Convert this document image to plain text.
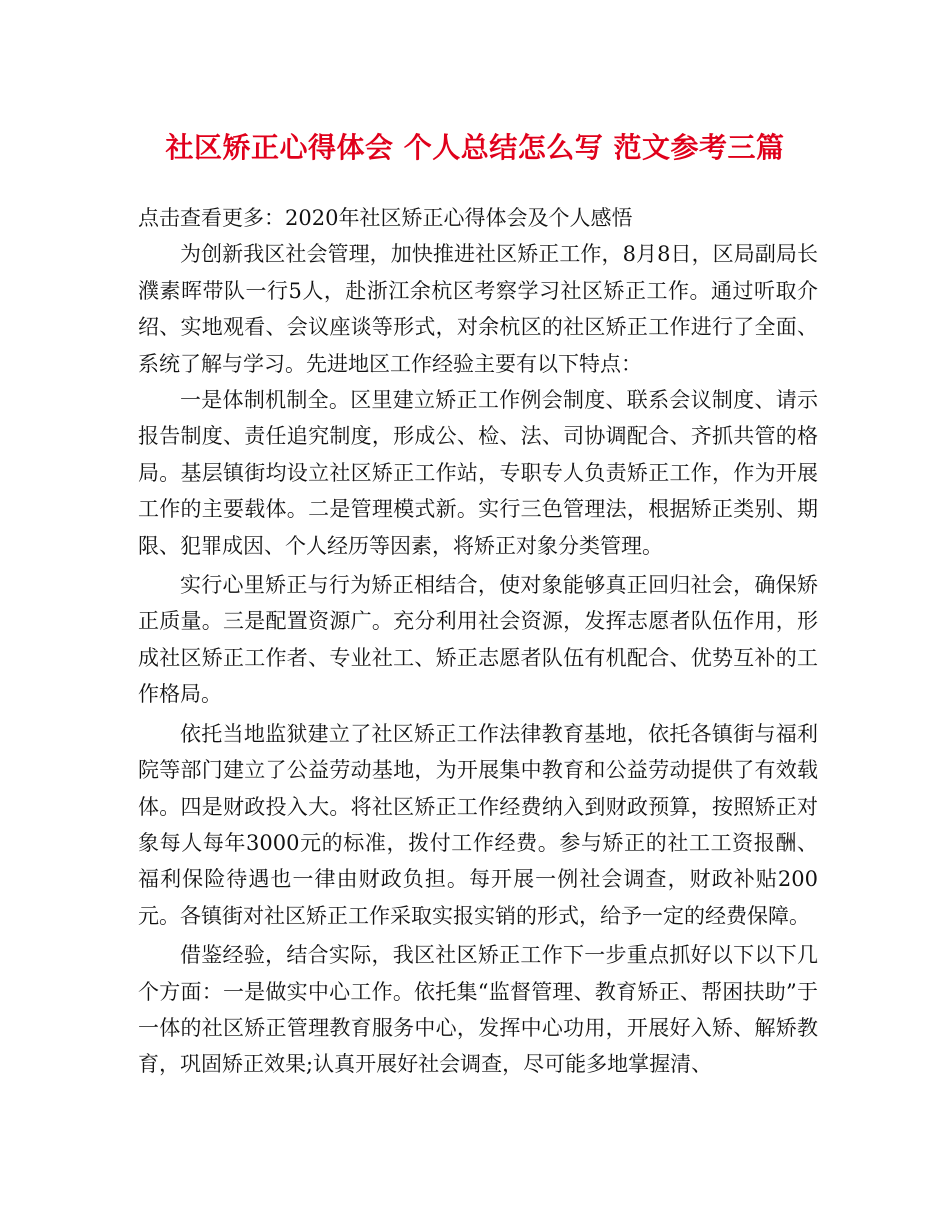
社区矫正心得体会 个人总结怎么写 范文参考三篇

点击查看更多：2020年社区矫正心得体会及个人感悟

为创新我区社会管理，加快推进社区矫正工作，8月8日，区局副局长濮素晖带队一行5人，赴浙江余杭区考察学习社区矫正工作。通过听取介绍、实地观看、会议座谈等形式，对余杭区的社区矫正工作进行了全面、系统了解与学习。先进地区工作经验主要有以下特点：

一是体制机制全。区里建立矫正工作例会制度、联系会议制度、请示报告制度、责任追究制度，形成公、检、法、司协调配合、齐抓共管的格局。基层镇街均设立社区矫正工作站，专职专人负责矫正工作，作为开展工作的主要载体。二是管理模式新。实行三色管理法，根据矫正类别、期限、犯罪成因、个人经历等因素，将矫正对象分类管理。

实行心里矫正与行为矫正相结合，使对象能够真正回归社会，确保矫正质量。三是配置资源广。充分利用社会资源，发挥志愿者队伍作用，形成社区矫正工作者、专业社工、矫正志愿者队伍有机配合、优势互补的工作格局。

依托当地监狱建立了社区矫正工作法律教育基地，依托各镇街与福利院等部门建立了公益劳动基地，为开展集中教育和公益劳动提供了有效载体。四是财政投入大。将社区矫正工作经费纳入到财政预算，按照矫正对象每人每年3000元的标准，拨付工作经费。参与矫正的社工工资报酬、福利保险待遇也一律由财政负担。每开展一例社会调查，财政补贴200元。各镇街对社区矫正工作采取实报实销的形式，给予一定的经费保障。

借鉴经验，结合实际，我区社区矫正工作下一步重点抓好以下以下几个方面：一是做实中心工作。依托集“监督管理、教育矫正、帮困扶助”于一体的社区矫正管理教育服务中心，发挥中心功用，开展好入矫、解矫教育，巩固矫正效果;认真开展好社会调查，尽可能多地掌握清、
